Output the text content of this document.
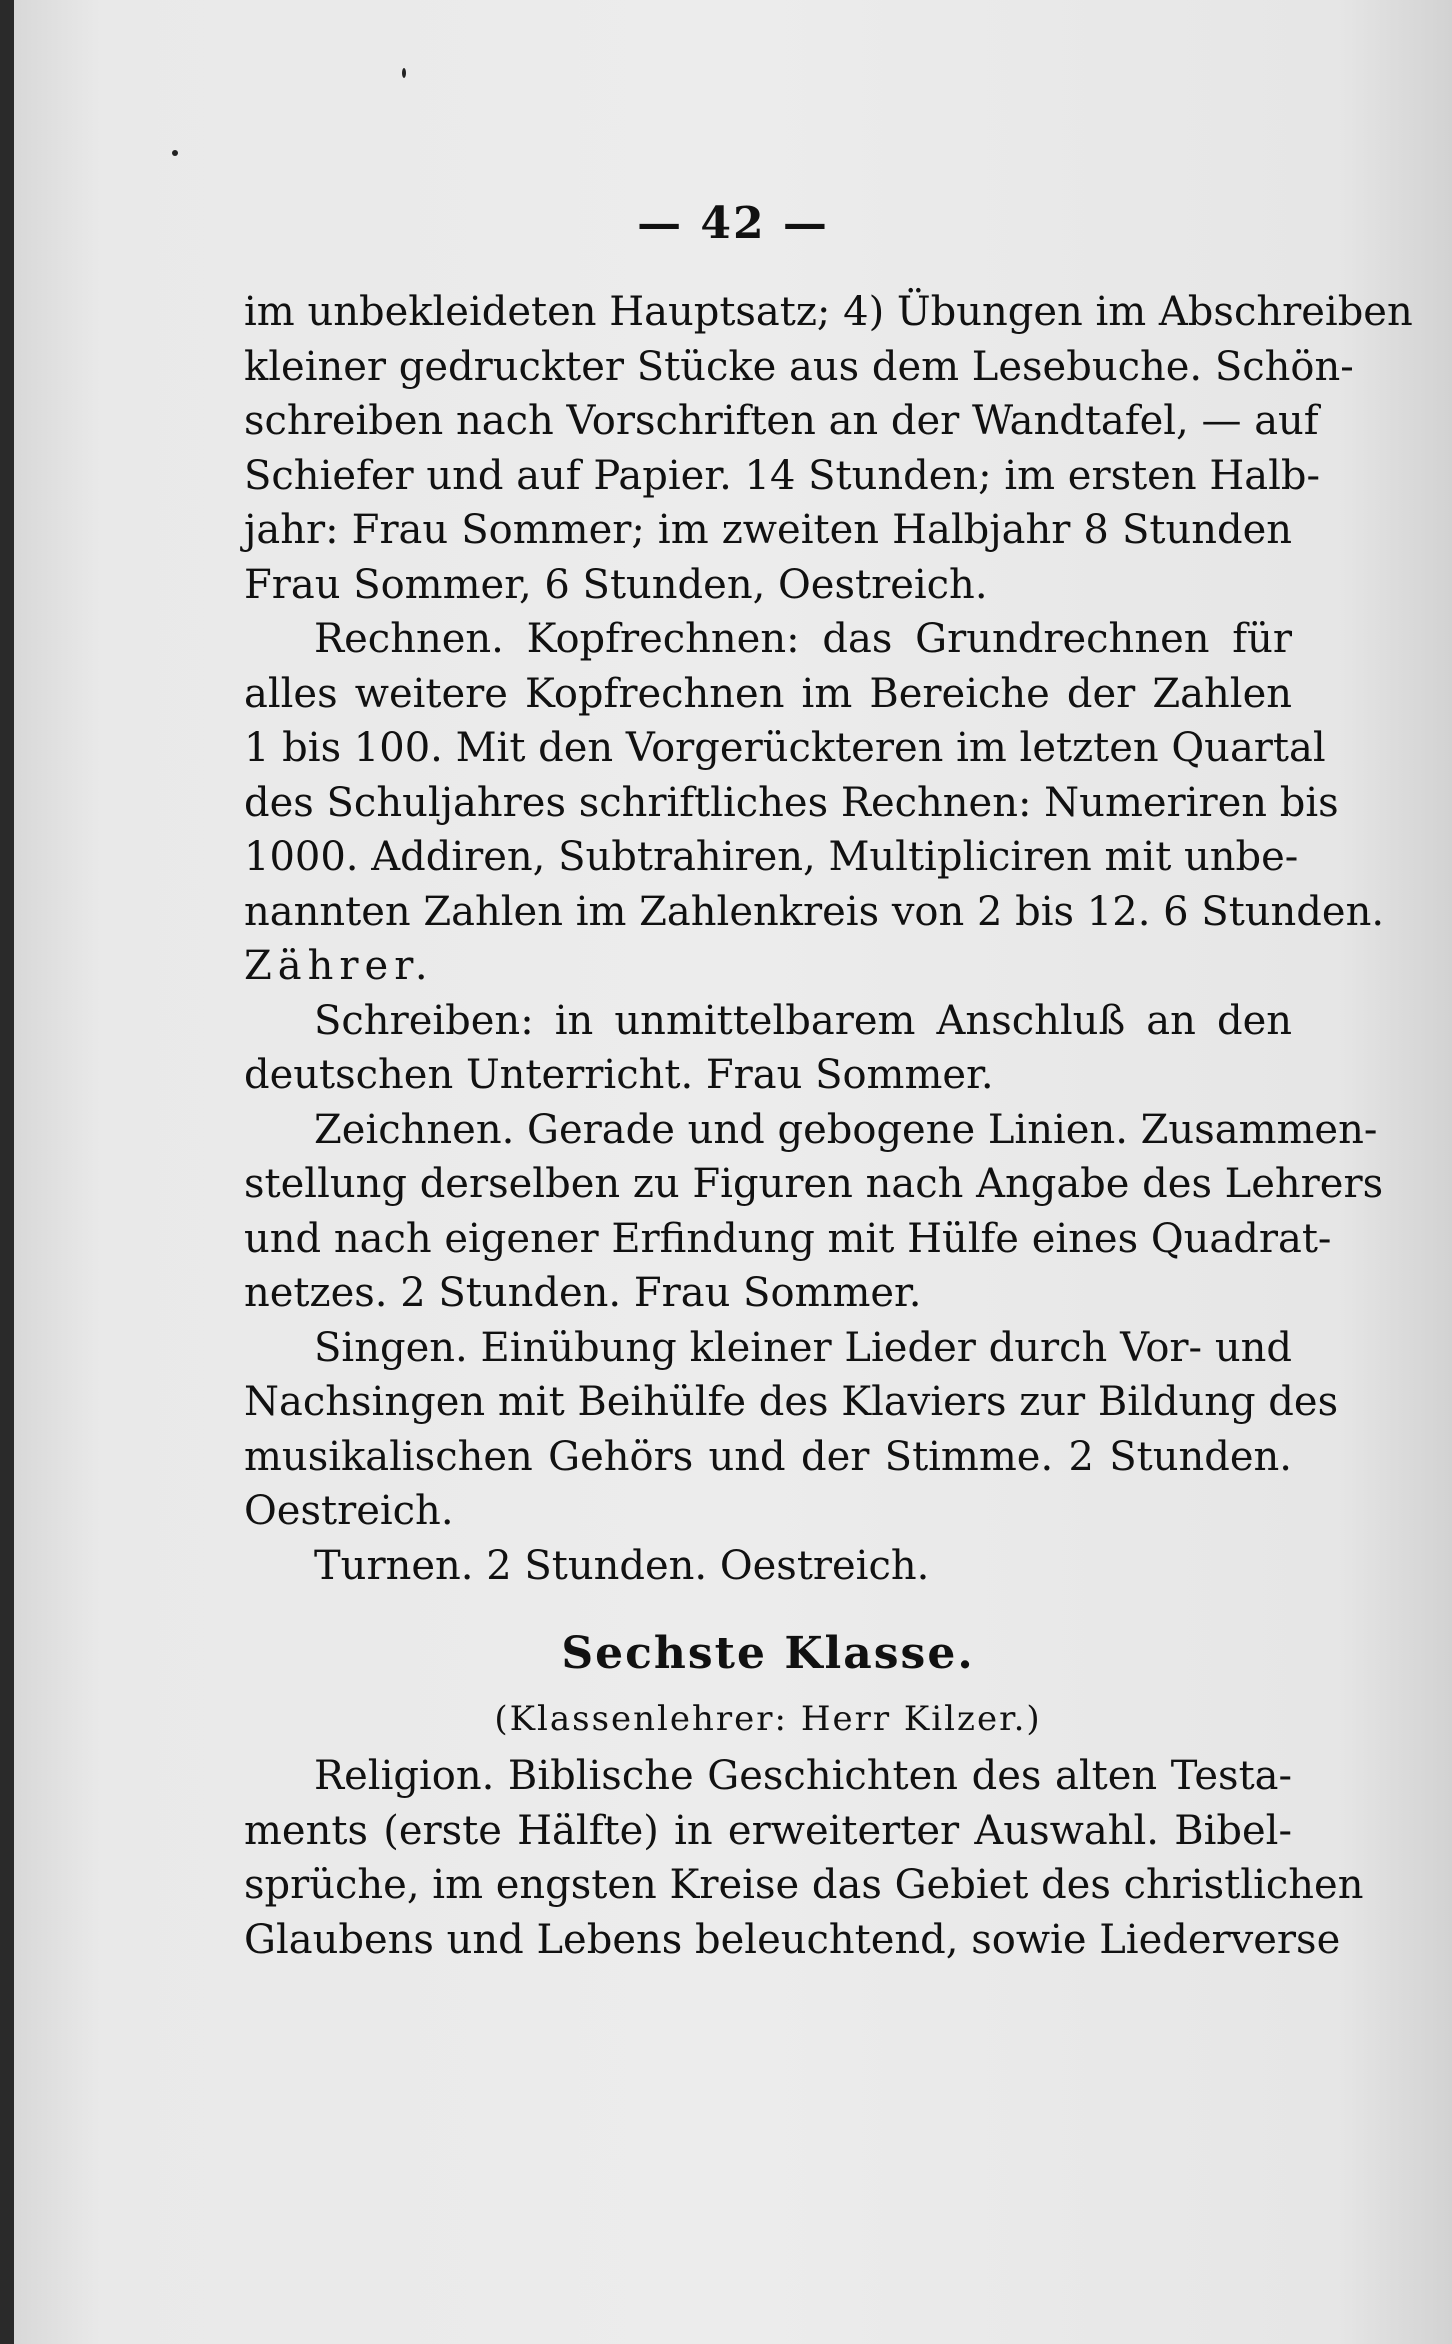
— 42 —
im unbekleideten Hauptsatz; 4) Übungen im Abschreiben
kleiner gedruckter Stücke aus dem Lesebuche. Schön-
schreiben nach Vorschriften an der Wandtafel, — auf
Schiefer und auf Papier. 14 Stunden; im ersten Halb-
jahr: Frau Sommer; im zweiten Halbjahr 8 Stunden
Frau Sommer, 6 Stunden, Oestreich.
Rechnen. Kopfrechnen: das Grundrechnen für
alles weitere Kopfrechnen im Bereiche der Zahlen
1 bis 100. Mit den Vorgerückteren im letzten Quartal
des Schuljahres schriftliches Rechnen: Numeriren bis
1000. Addiren, Subtrahiren, Multipliciren mit unbe-
nannten Zahlen im Zahlenkreis von 2 bis 12. 6 Stunden.
Zährer.
Schreiben: in unmittelbarem Anschluß an den
deutschen Unterricht. Frau Sommer.
Zeichnen. Gerade und gebogene Linien. Zusammen-
stellung derselben zu Figuren nach Angabe des Lehrers
und nach eigener Erfindung mit Hülfe eines Quadrat-
netzes. 2 Stunden. Frau Sommer.
Singen. Einübung kleiner Lieder durch Vor- und
Nachsingen mit Beihülfe des Klaviers zur Bildung des
musikalischen Gehörs und der Stimme. 2 Stunden.
Oestreich.
Turnen. 2 Stunden. Oestreich.
Sechste Klasse.
(Klassenlehrer: Herr Kilzer.)
Religion. Biblische Geschichten des alten Testa-
ments (erste Hälfte) in erweiterter Auswahl. Bibel-
sprüche, im engsten Kreise das Gebiet des christlichen
Glaubens und Lebens beleuchtend, sowie Liederverse
